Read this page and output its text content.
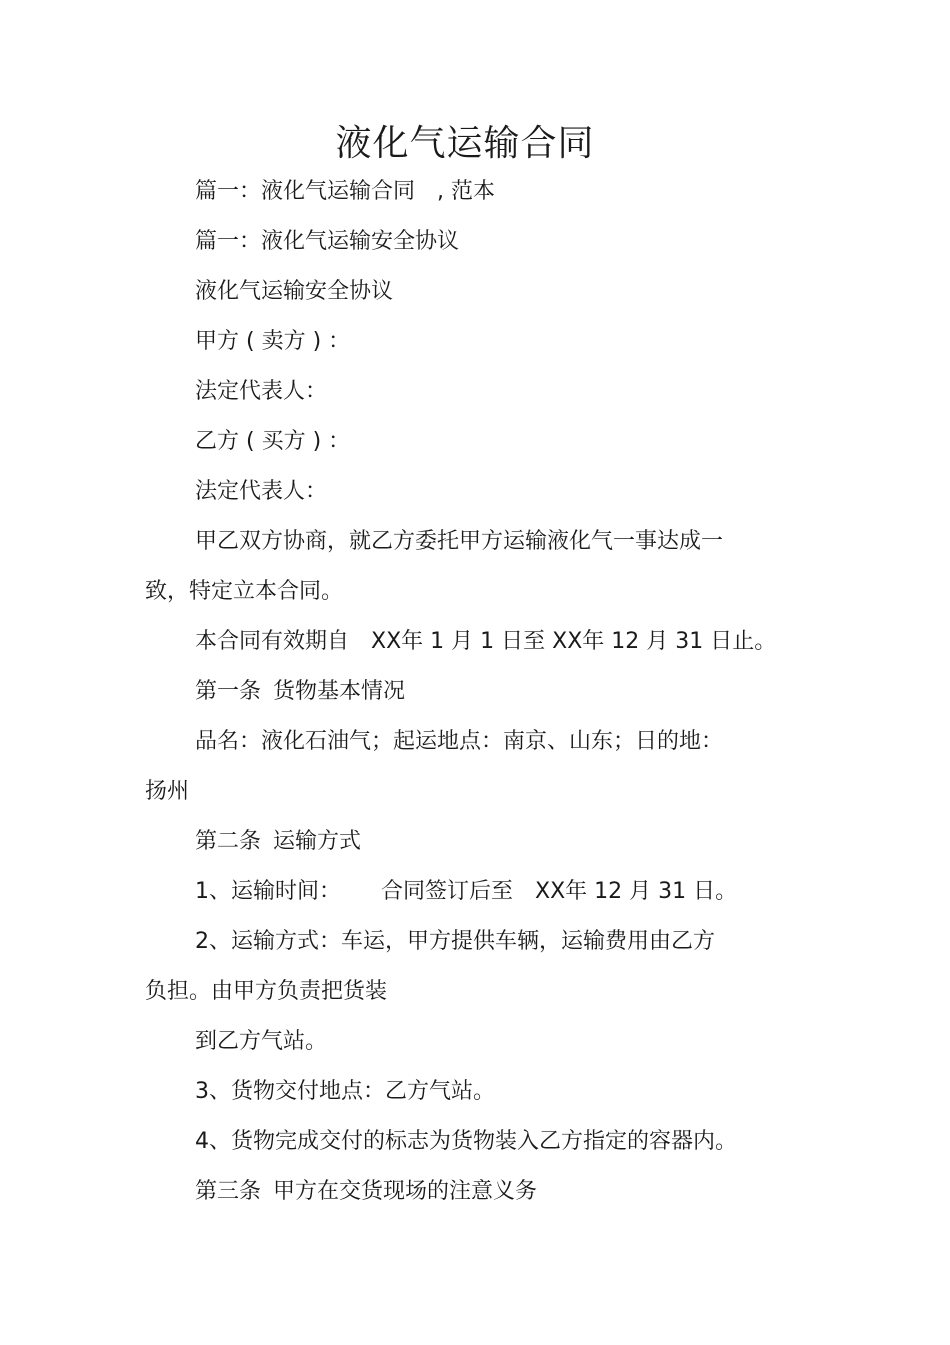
液化气运输合同
篇一：液化气运输合同 , 范本
篇一：液化气运输安全协议
液化气运输安全协议
甲方 ( 卖方 ) ：
法定代表人：
乙方 ( 买方 ) ：
法定代表人：
甲乙双方协商，就乙方委托甲方运输液化气一事达成一
致，特定立本合同。
本合同有效期自 XX年 1 月 1 日至 XX年 12 月 31 日止。
第一条 货物基本情况
品名：液化石油气；起运地点：南京、山东；日的地：
扬州
第二条 运输方式
1、运输时间： 合同签订后至 XX年 12 月 31 日。
2、运输方式：车运，甲方提供车辆，运输费用由乙方
负担。由甲方负责把货装
到乙方气站。
3、货物交付地点：乙方气站。
4、货物完成交付的标志为货物装入乙方指定的容器内。
第三条 甲方在交货现场的注意义务
